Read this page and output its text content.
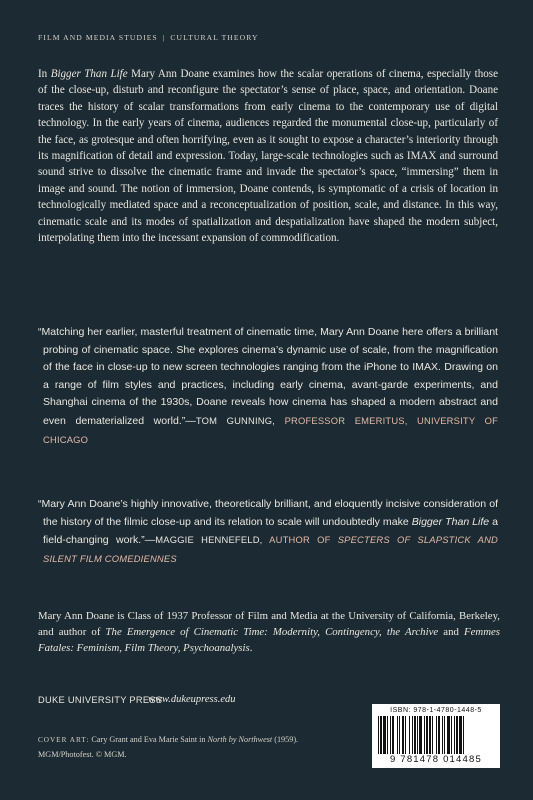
FILM AND MEDIA STUDIES | CULTURAL THEORY

In Bigger Than Life Mary Ann Doane examines how the scalar operations of cinema, especially those of the close-up, disturb and reconfigure the spectator’s sense of place, space, and orientation. Doane traces the history of scalar transformations from early cinema to the contemporary use of digital technology. In the early years of cinema, audiences regarded the monumental close-up, particularly of the face, as grotesque and often horrifying, even as it sought to expose a character’s interiority through its magnification of detail and expression. Today, large-scale technologies such as IMAX and surround sound strive to dissolve the cinematic frame and invade the spectator’s space, “immersing” them in image and sound. The notion of immersion, Doane contends, is symptomatic of a crisis of location in technologically mediated space and a reconceptualization of position, scale, and distance. In this way, cinematic scale and its modes of spatialization and despatialization have shaped the modern subject, interpolating them into the incessant expansion of commodification.

“Matching her earlier, masterful treatment of cinematic time, Mary Ann Doane here offers a brilliant probing of cinematic space. She explores cinema’s dynamic use of scale, from the magnification of the face in close-up to new screen technologies ranging from the iPhone to IMAX. Drawing on a range of film styles and practices, including early cinema, avant-garde experiments, and Shanghai cinema of the 1930s, Doane reveals how cinema has shaped a modern abstract and even dematerialized world.”—TOM GUNNING, PROFESSOR EMERITUS, UNIVERSITY OF CHICAGO

“Mary Ann Doane’s highly innovative, theoretically brilliant, and eloquently incisive consideration of the history of the filmic close-up and its relation to scale will undoubtedly make Bigger Than Life a field-changing work.”—MAGGIE HENNEFELD, AUTHOR OF SPECTERS OF SLAPSTICK AND SILENT FILM COMEDIENNES

Mary Ann Doane is Class of 1937 Professor of Film and Media at the University of California, Berkeley, and author of The Emergence of Cinematic Time: Modernity, Contingency, the Archive and Femmes Fatales: Feminism, Film Theory, Psychoanalysis.

DUKE UNIVERSITY PRESS
www.dukeupress.edu
COVER ART: Cary Grant and Eva Marie Saint in North by Northwest (1959). MGM/Photofest. © MGM.
ISBN: 978-1-4780-1448-5
9 781478 014485
